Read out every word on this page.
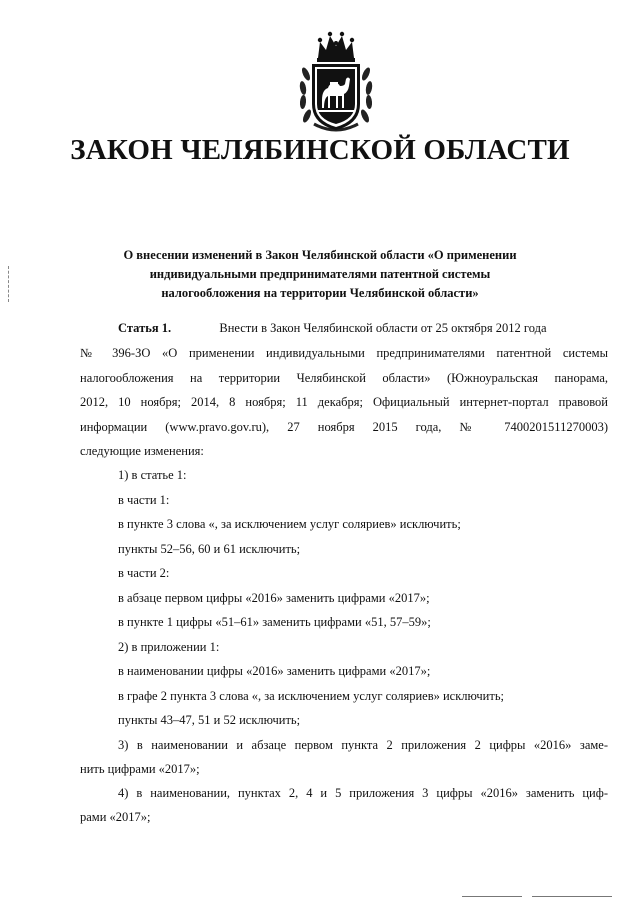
ЗАКОН ЧЕЛЯБИНСКОЙ ОБЛАСТИ
О внесении изменений в Закон Челябинской области «О применении
индивидуальными предпринимателями патентной системы
налогообложения на территории Челябинской области»

Статья 1.	Внести в Закон Челябинской области от 25 октября 2012 года

№ 396-ЗО «О применении индивидуальными предпринимателями патентной системы

налогообложения на территории Челябинской области» (Южноуральская панорама,

2012, 10 ноября; 2014, 8 ноября; 11 декабря; Официальный интернет-портал правовой

информации (www.pravo.gov.ru), 27 ноября 2015 года, № 7400201511270003)

следующие изменения:

1) в статье 1:

в части 1:

в пункте 3 слова «, за исключением услуг соляриев» исключить;

пункты 52–56, 60 и 61 исключить;

в части 2:

в абзаце первом цифры «2016» заменить цифрами «2017»;

в пункте 1 цифры «51–61» заменить цифрами «51, 57–59»;

2) в приложении 1:

в наименовании цифры «2016» заменить цифрами «2017»;

в графе 2 пункта 3 слова «, за исключением услуг соляриев» исключить;

пункты 43–47, 51 и 52 исключить;

3) в наименовании и абзаце первом пункта 2 приложения 2 цифры «2016» заме-

нить цифрами «2017»;

4) в наименовании, пунктах 2, 4 и 5 приложения 3 цифры «2016» заменить циф-

рами «2017»;
